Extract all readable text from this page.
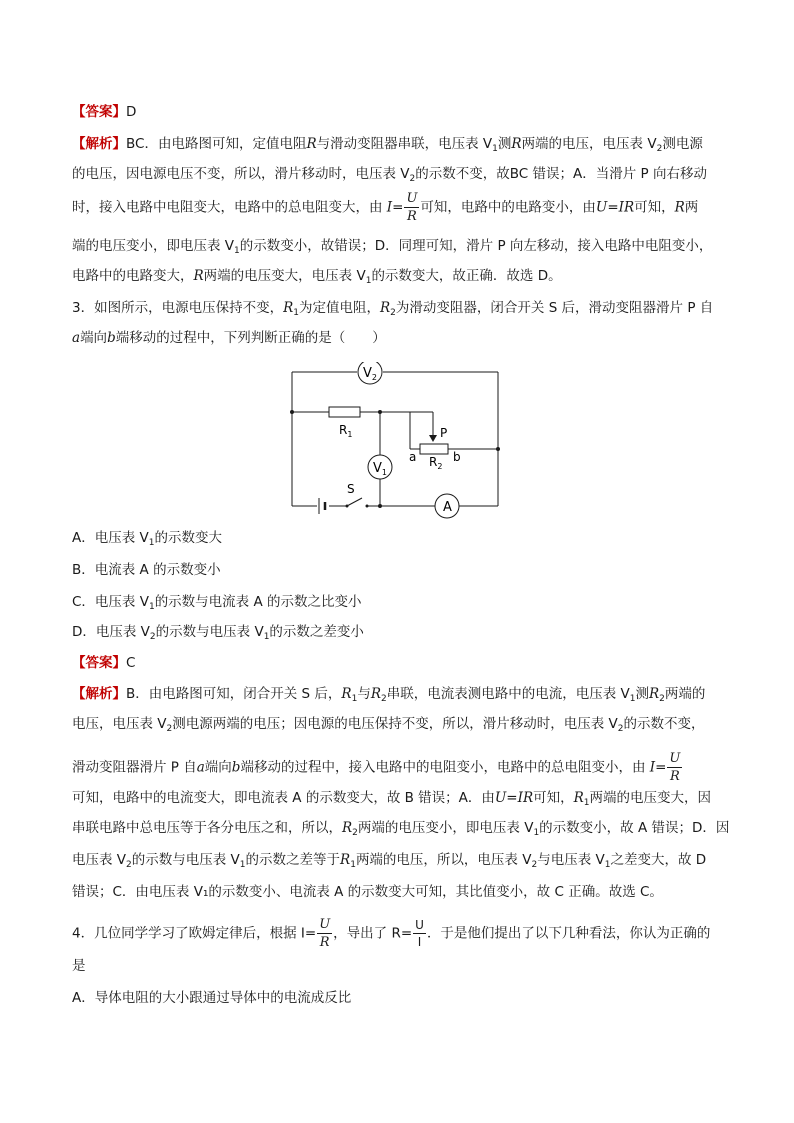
【答案】D
【解析】BC．由电路图可知，定值电阻R与滑动变阻器串联，电压表 $V_1$测R两端的电压，电压表 $V_2$测电源
的电压，因电源电压不变，所以，滑片移动时，电压表 $V_2$的示数不变，故BC 错误；A．当滑片 P 向右移动
时，接入电路中电阻变大，电路中的总电阻变大，由 $I= \frac{U}{R}$ 可知，电路中的电路变小，由U=IR可知，R两
端的电压变小，即电压表 $V_1$的示数变小，故错误；D．同理可知，滑片 P 向左移动，接入电路中电阻变小，
电路中的电路变大，R两端的电压变大，电压表 $V_1$的示数变大，故正确．故选 D。
3．如图所示，电源电压保持不变，$R_1$为定值电阻，$R_2$为滑动变阻器，闭合开关 S 后，滑动变阻器滑片 P 自
a端向b端移动的过程中，下列判断正确的是（　　）
$V_2$
$R_1$	P
a	b
$R_2$
$V_1$
S
A
A．电压表 $V_1$的示数变大
B．电流表 A 的示数变小
C．电压表 $V_1$的示数与电流表 A 的示数之比变小
D．电压表 $V_2$的示数与电压表 $V_1$的示数之差变小
【答案】C
【解析】B．由电路图可知，闭合开关 S 后，$R_1$与$R_2$串联，电流表测电路中的电流，电压表 $V_1$测$R_2$两端的
电压，电压表 $V_2$测电源两端的电压；因电源的电压保持不变，所以，滑片移动时，电压表 $V_2$的示数不变，
滑动变阻器滑片 P 自a端向b端移动的过程中，接入电路中的电阻变小，电路中的总电阻变小，由 $I= \frac{U}{R}$
可知，电路中的电流变大，即电流表 A 的示数变大，故 B 错误；A．由U=IR可知，$R_1$两端的电压变大，因
串联电路中总电压等于各分电压之和，所以，$R_2$两端的电压变小，即电压表 $V_1$的示数变小，故 A 错误；D．因
电压表 $V_2$的示数与电压表 $V_1$的示数之差等于$R_1$两端的电压，所以，电压表 $V_2$与电压表 $V_1$之差变大，故 D
错误；C．由电压表 V₁的示数变小、电流表 A 的示数变大可知，其比值变小，故 C 正确。故选 C。
4．几位同学学习了欧姆定律后，根据 $I= \frac{U}{R}$ ，导出了 $R= \frac{U}{I}$ ．于是他们提出了以下几种看法，你认为正确的
是
A．导体电阻的大小跟通过导体中的电流成反比
